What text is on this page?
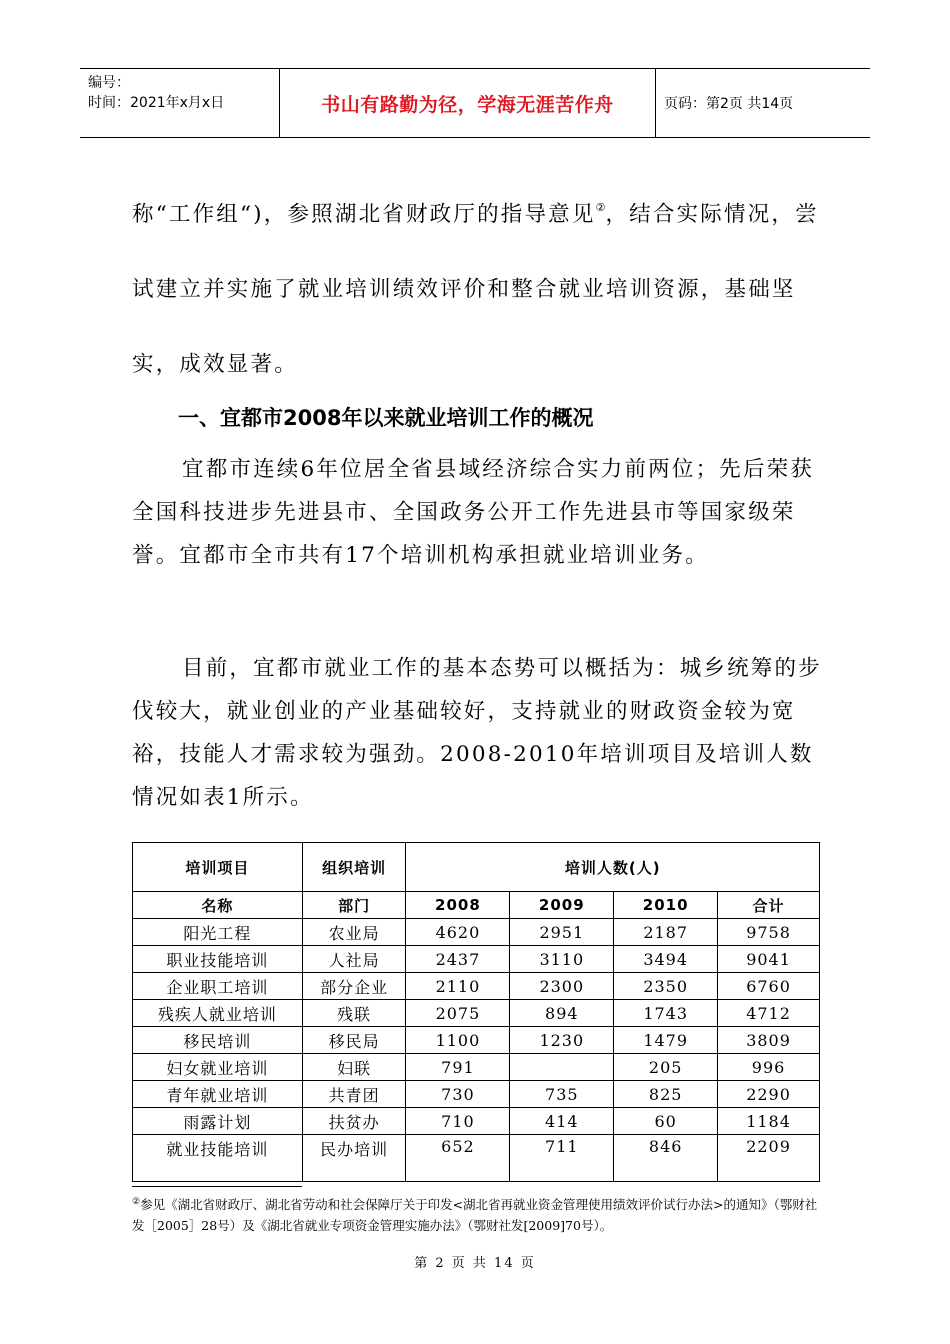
编号：
时间：2021年x月x日	书山有路勤为径，学海无涯苦作舟	页码：第2页 共14页
称“工作组“)，参照湖北省财政厅的指导意见②，结合实际情况，尝试建立并实施了就业培训绩效评价和整合就业培训资源，基础坚实，成效显著。
一、宜都市2008年以来就业培训工作的概况
宜都市连续6年位居全省县域经济综合实力前两位；先后荣获全国科技进步先进县市、全国政务公开工作先进县市等国家级荣誉。宜都市全市共有17个培训机构承担就业培训业务。
目前，宜都市就业工作的基本态势可以概括为：城乡统筹的步伐较大，就业创业的产业基础较好，支持就业的财政资金较为宽裕，技能人才需求较为强劲。2008-2010年培训项目及培训人数情况如表1所示。
培训项目	组织培训	培训人数(人)			
名称	部门	2008	2009	2010	合计
阳光工程	农业局	4620	2951	2187	9758
职业技能培训	人社局	2437	3110	3494	9041
企业职工培训	部分企业	2110	2300	2350	6760
残疾人就业培训	残联	2075	894	1743	4712
移民培训	移民局	1100	1230	1479	3809
妇女就业培训	妇联	791		205	996
青年就业培训	共青团	730	735	825	2290
雨露计划	扶贫办	710	414	60	1184
就业技能培训	民办培训	652	711	846	2209
②参见《湖北省财政厅、湖北省劳动和社会保障厅关于印发<湖北省再就业资金管理使用绩效评价试行办法>的通知》（鄂财社发［2005］28号）及《湖北省就业专项资金管理实施办法》（鄂财社发[2009]70号）。
第 2 页 共 14 页
